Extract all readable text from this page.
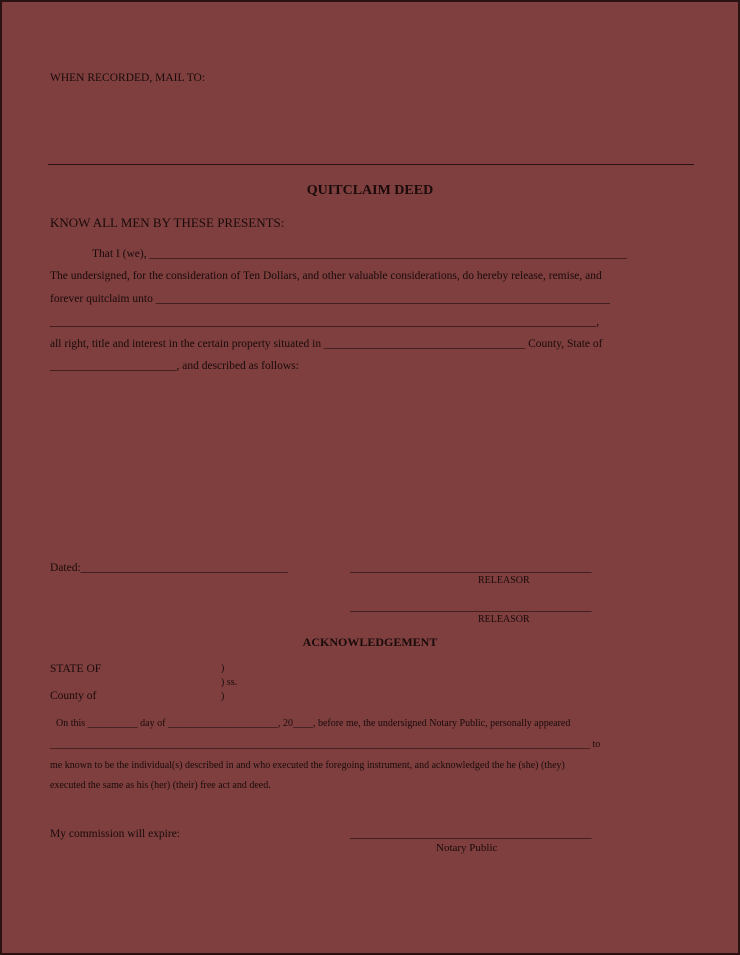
WHEN RECORDED, MAIL TO:
QUITCLAIM DEED
KNOW ALL MEN BY THESE PRESENTS:
That I (we), ___________________________________________________________________________________
The undersigned, for the consideration of Ten Dollars, and other valuable considerations, do hereby release, remise, and
forever quitclaim unto _______________________________________________________________________________
_______________________________________________________________________________________________,
all right, title and interest in the certain property situated in ___________________________________ County, State of
______________________, and described as follows:
Dated:____________________________________	__________________________________________
RELEASOR
__________________________________________
RELEASOR
ACKNOWLEDGEMENT
STATE OF	)
) ss.
County of	)
On this __________ day of ______________________, 20____, before me, the undersigned Notary Public, personally appeared
____________________________________________________________________________________________________________ to
me known to be the individual(s) described in and who executed the foregoing instrument, and acknowledged the he (she) (they)
executed the same as his (her) (their) free act and deed.
My commission will expire:	__________________________________________
Notary Public
